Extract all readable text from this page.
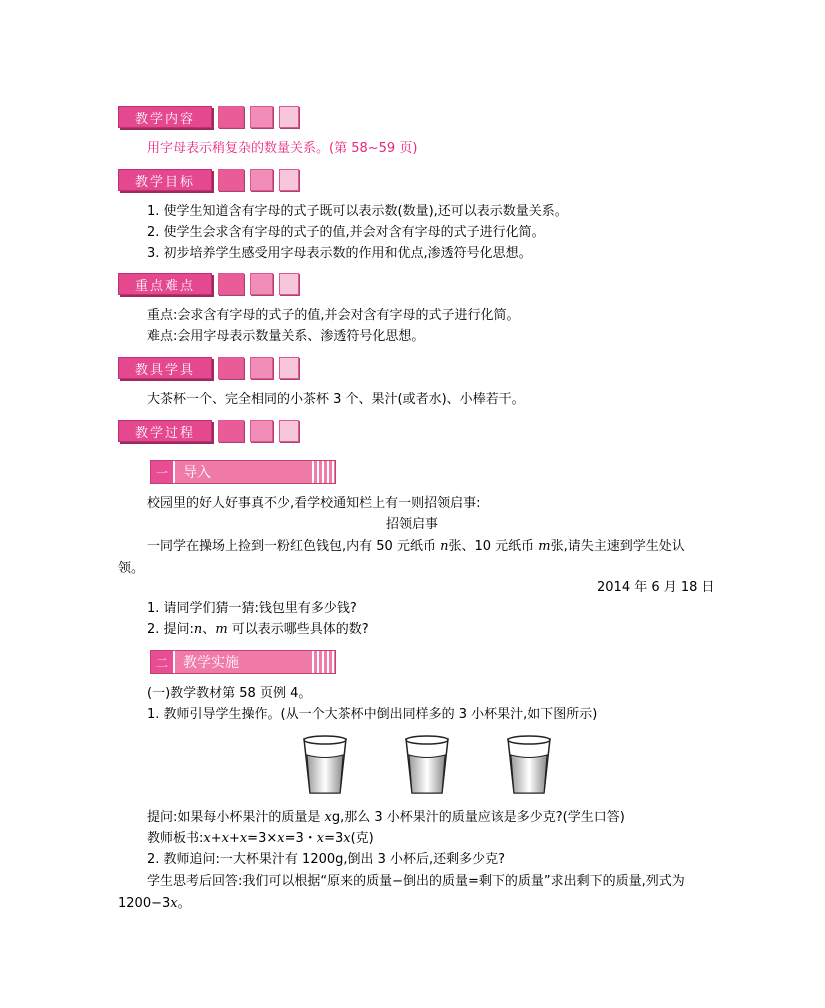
教学内容
用字母表示稍复杂的数量关系。(第 58~59 页)
教学目标
1. 使学生知道含有字母的式子既可以表示数(数量),还可以表示数量关系。
2. 使学生会求含有字母的式子的值,并会对含有字母的式子进行化简。
3. 初步培养学生感受用字母表示数的作用和优点,渗透符号化思想。
重点难点
重点:会求含有字母的式子的值,并会对含有字母的式子进行化简。
难点:会用字母表示数量关系、渗透符号化思想。
教具学具
大茶杯一个、完全相同的小茶杯 3 个、果汁(或者水)、小棒若干。
教学过程
一	导入
校园里的好人好事真不少,看学校通知栏上有一则招领启事:
招领启事
一同学在操场上捡到一粉红色钱包,内有 50 元纸币 n张、10 元纸币 m张,请失主速到学生处认领。
2014 年 6 月 18 日
1. 请同学们猜一猜:钱包里有多少钱?
2. 提问:n、m 可以表示哪些具体的数?
二	教学实施
(一)教学教材第 58 页例 4。
1. 教师引导学生操作。(从一个大茶杯中倒出同样多的 3 小杯果汁,如下图所示)
提问:如果每小杯果汁的质量是 xg,那么 3 小杯果汁的质量应该是多少克?(学生口答)
教师板书:x+x+x=3×x=3・x=3x(克)
2. 教师追问:一大杯果汁有 1200g,倒出 3 小杯后,还剩多少克?
学生思考后回答:我们可以根据“原来的质量−倒出的质量=剩下的质量”求出剩下的质量,列式为 1200−3x。
